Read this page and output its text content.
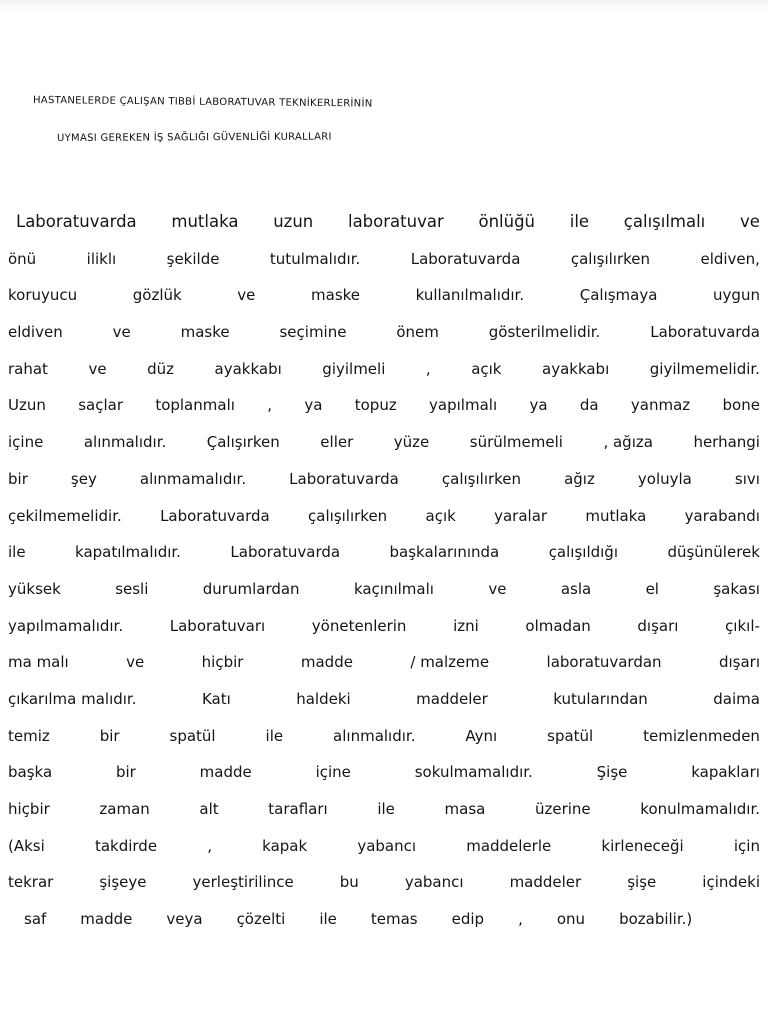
HASTANELERDE ÇALIŞAN TIBBİ LABORATUVAR TEKNİKERLERİNİN
UYMASI GEREKEN İŞ SAĞLIĞI GÜVENLİĞİ KURALLARI
Laboratuvarda mutlaka uzun laboratuvar önlüğü ile çalışılmalı ve
önü	iliklı	şekilde	tutulmalıdır.	Laboratuvarda	çalışılırken	eldiven,
koruyucu	gözlük	ve	maske	kullanılmalıdır.	Çalışmaya	uygun
eldiven	ve	maske	seçimine	önem	gösterilmelidir.	Laboratuvarda
rahat	ve	düz	ayakkabı	giyilmeli	,	açık	ayakkabı	giyilmemelidir.
Uzun saçlar toplanmalı , ya topuz yapılmalı ya da yanmaz bone
içine	alınmalıdır.	Çalışırken	eller	yüze	sürülmemeli	, ağıza	herhangi
bir	şey	alınmamalıdır.	Laboratuvarda	çalışılırken	ağız	yoluyla	sıvı
çekilmemelidir.	Laboratuvarda	çalışılırken	açık	yaralar	mutlaka	yarabandı
ile	kapatılmalıdır.	Laboratuvarda	başkalarınında	çalışıldığı	düşünülerek
yüksek	sesli	durumlardan	kaçınılmalı	ve	asla	el	şakası
yapılmamalıdır.	Laboratuvarı	yönetenlerin	izni	olmadan	dışarı	çıkıl-
ma malı	ve	hiçbir	madde	/ malzeme	laboratuvardan	dışarı
çıkarılma malıdır.	Katı	haldeki	maddeler	kutularından	daima
temiz	bir	spatül	ile	alınmalıdır.	Aynı	spatül	temizlenmeden
başka	bir	madde	içine	sokulmamalıdır.	Şişe	kapakları
hiçbir	zaman	alt	tarafları	ile	masa	üzerine	konulmamalıdır.
(Aksi	takdirde	,	kapak	yabancı	maddelerle	kirleneceği	için
tekrar	şişeye	yerleştirilince	bu	yabancı	maddeler	şişe	içindeki
saf madde veya çözelti ile temas edip , onu bozabilir.)
